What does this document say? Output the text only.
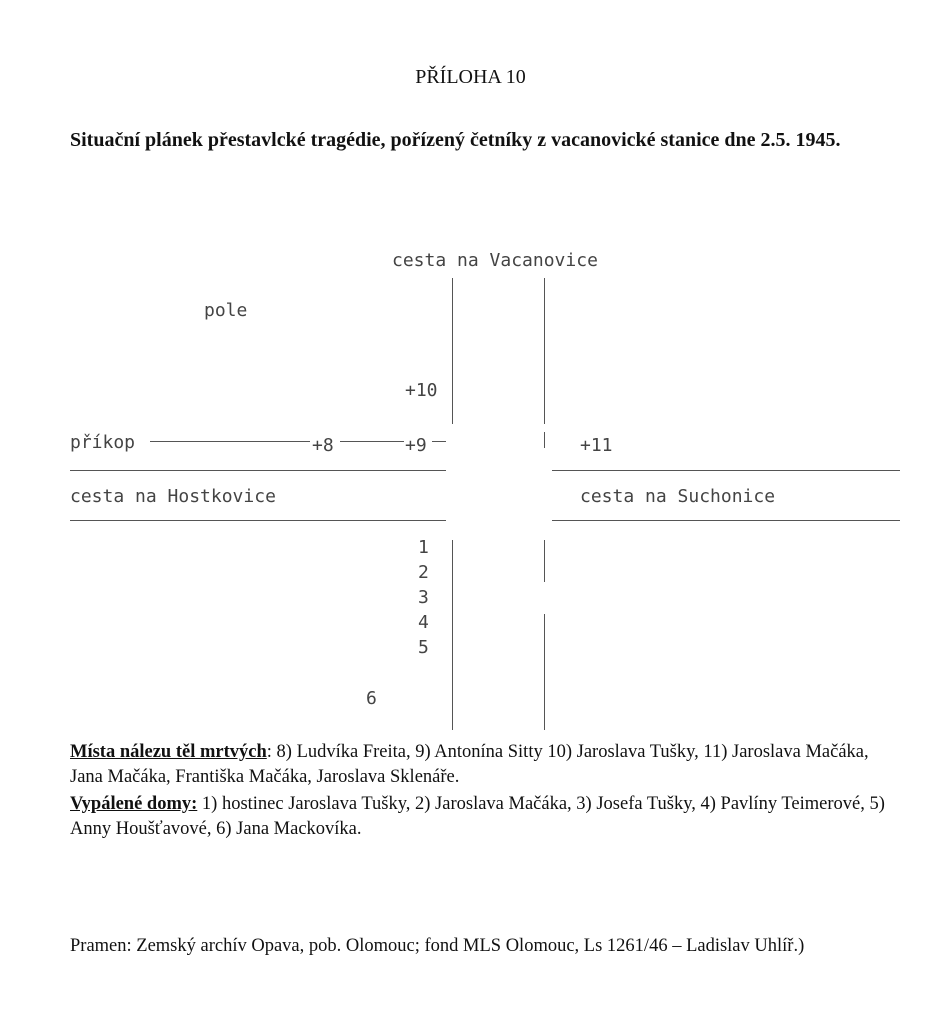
PŘÍLOHA 10
Situační plánek přestavlcké tragédie, pořízený četníky z vacanovické stanice dne 2.5. 1945.
cesta na Vacanovice
pole
+10
příkop	+8	+9	+11
cesta na Hostkovice	cesta na Suchonice
1
2
3
4
5
6
Místa nálezu těl mrtvých: 8) Ludvíka Freita, 9) Antonína Sitty 10) Jaroslava Tušky, 11) Jaroslava Mačáka, Jana Mačáka, Františka Mačáka, Jaroslava Sklenáře.
Vypálené domy: 1) hostinec Jaroslava Tušky, 2) Jaroslava Mačáka, 3) Josefa Tušky, 4) Pavlíny Teimerové, 5) Anny Houšťavové, 6) Jana Mackovíka.
Pramen: Zemský archív Opava, pob. Olomouc; fond MLS Olomouc, Ls 1261/46 – Ladislav Uhlíř.)
